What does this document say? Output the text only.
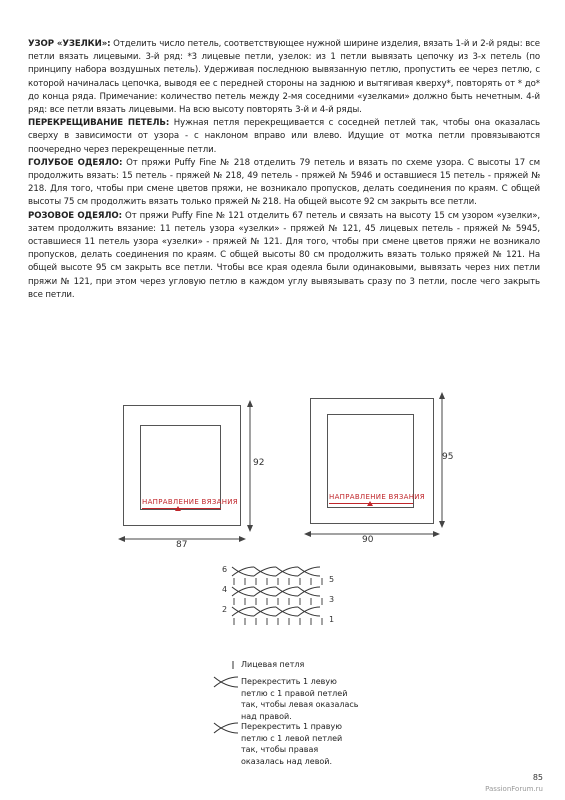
УЗОР «УЗЕЛКИ»: Отделить число петель, соответствующее нужной ширине изделия, вязать 1-й и 2-й ряды: все петли вязать лицевыми. 3-й ряд: *3 лицевые петли, узелок: из 1 петли вывязать цепочку из 3-х петель (по принципу набора воздушных петель). Удерживая последнюю вывязанную петлю, пропустить ее через петлю, с которой начиналась цепочка, выводя ее с передней стороны на заднюю и вытягивая кверху*, повторять от * до* до конца ряда. Примечание: количество петель между 2-мя соседними «узелками» должно быть нечетным. 4-й ряд: все петли вязать лицевыми. На всю высоту повторять 3-й и 4-й ряды.

ПЕРЕКРЕЩИВАНИЕ ПЕТЕЛЬ: Нужная петля перекрещивается с соседней петлей так, чтобы она оказалась сверху в зависимости от узора - с наклоном вправо или влево. Идущие от мотка петли провязываются поочередно через перекрещенные петли.

ГОЛУБОЕ ОДЕЯЛО: От пряжи Puffy Fine № 218 отделить 79 петель и вязать по схеме узора. С высоты 17 см продолжить вязать: 15 петель - пряжей № 218, 49 петель - пряжей № 5946 и оставшиеся 15 петель - пряжей № 218. Для того, чтобы при смене цветов пряжи, не возникало пропусков, делать соединения по краям. С общей высоты 75 см продолжить вязать только пряжей № 218. На общей высоте 92 см закрыть все петли.

РОЗОВОЕ ОДЕЯЛО: От пряжи Puffy Fine № 121 отделить 67 петель и связать на высоту 15 см узором «узелки», затем продолжить вязание: 11 петель узора «узелки» - пряжей № 121, 45 лицевых петель - пряжей № 5945, оставшиеся 11 петель узора «узелки» - пряжей № 121. Для того, чтобы при смене цветов пряжи не возникало пропусков, делать соединения по краям. С общей высоты 80 см продолжить вязать только пряжей № 121. На общей высоте 95 см закрыть все петли. Чтобы все края одеяла были одинаковыми, вывязать через них петли пряжи № 121, при этом через угловую петлю в каждом углу вывязывать сразу по 3 петли, после чего закрыть все петли.

НАПРАВЛЕНИЕ ВЯЗАНИЯ
92
87
НАПРАВЛЕНИЕ ВЯЗАНИЯ
95
90
6
4
2
5
3
1
Лицевая петля
Перекрестить 1 левую петлю с 1 правой петлей так, чтобы левая оказалась над правой.
Перекрестить 1 правую петлю с 1 левой петлей так, чтобы правая оказалась над левой.
85
PassionForum.ru
